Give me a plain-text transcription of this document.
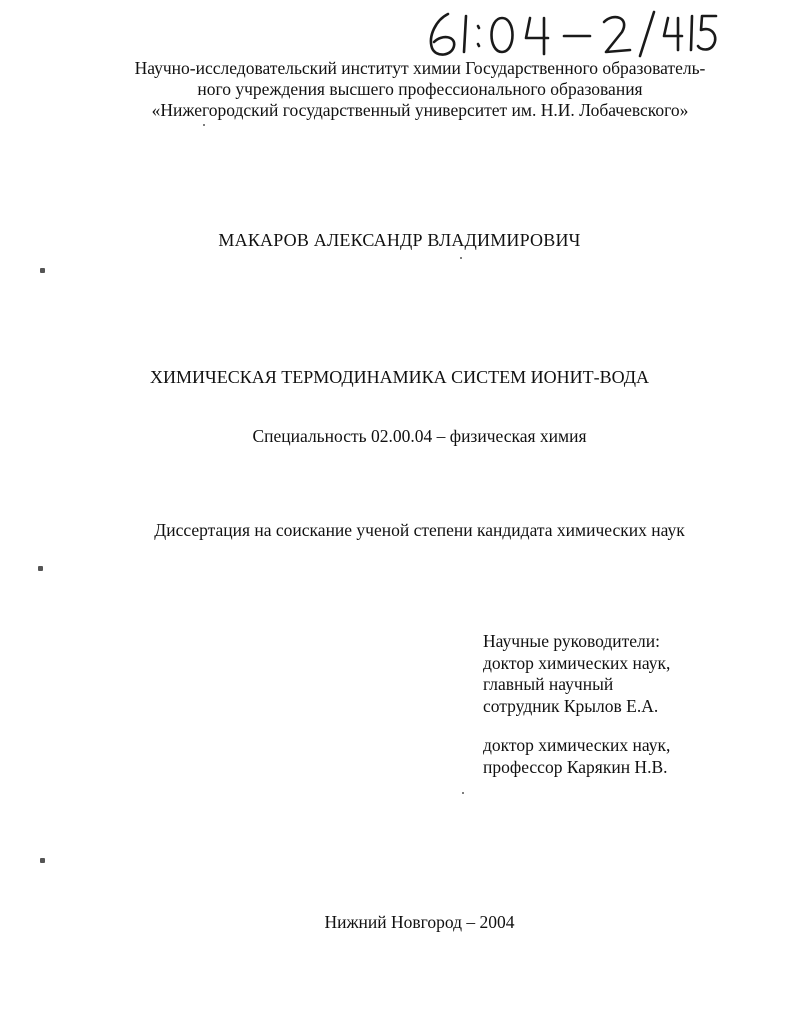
Научно-исследовательский институт химии Государственного образователь-
ного учреждения высшего профессионального образования
«Нижегородский государственный университет им. Н.И. Лобачевского»
МАКАРОВ АЛЕКСАНДР ВЛАДИМИРОВИЧ
ХИМИЧЕСКАЯ ТЕРМОДИНАМИКА СИСТЕМ ИОНИТ-ВОДА
Специальность 02.00.04 – физическая химия
Диссертация на соискание ученой степени кандидата химических наук
Научные руководители:
доктор химических наук,
главный научный
сотрудник Крылов Е.А.
доктор химических наук,
профессор Карякин Н.В.
Нижний Новгород – 2004
